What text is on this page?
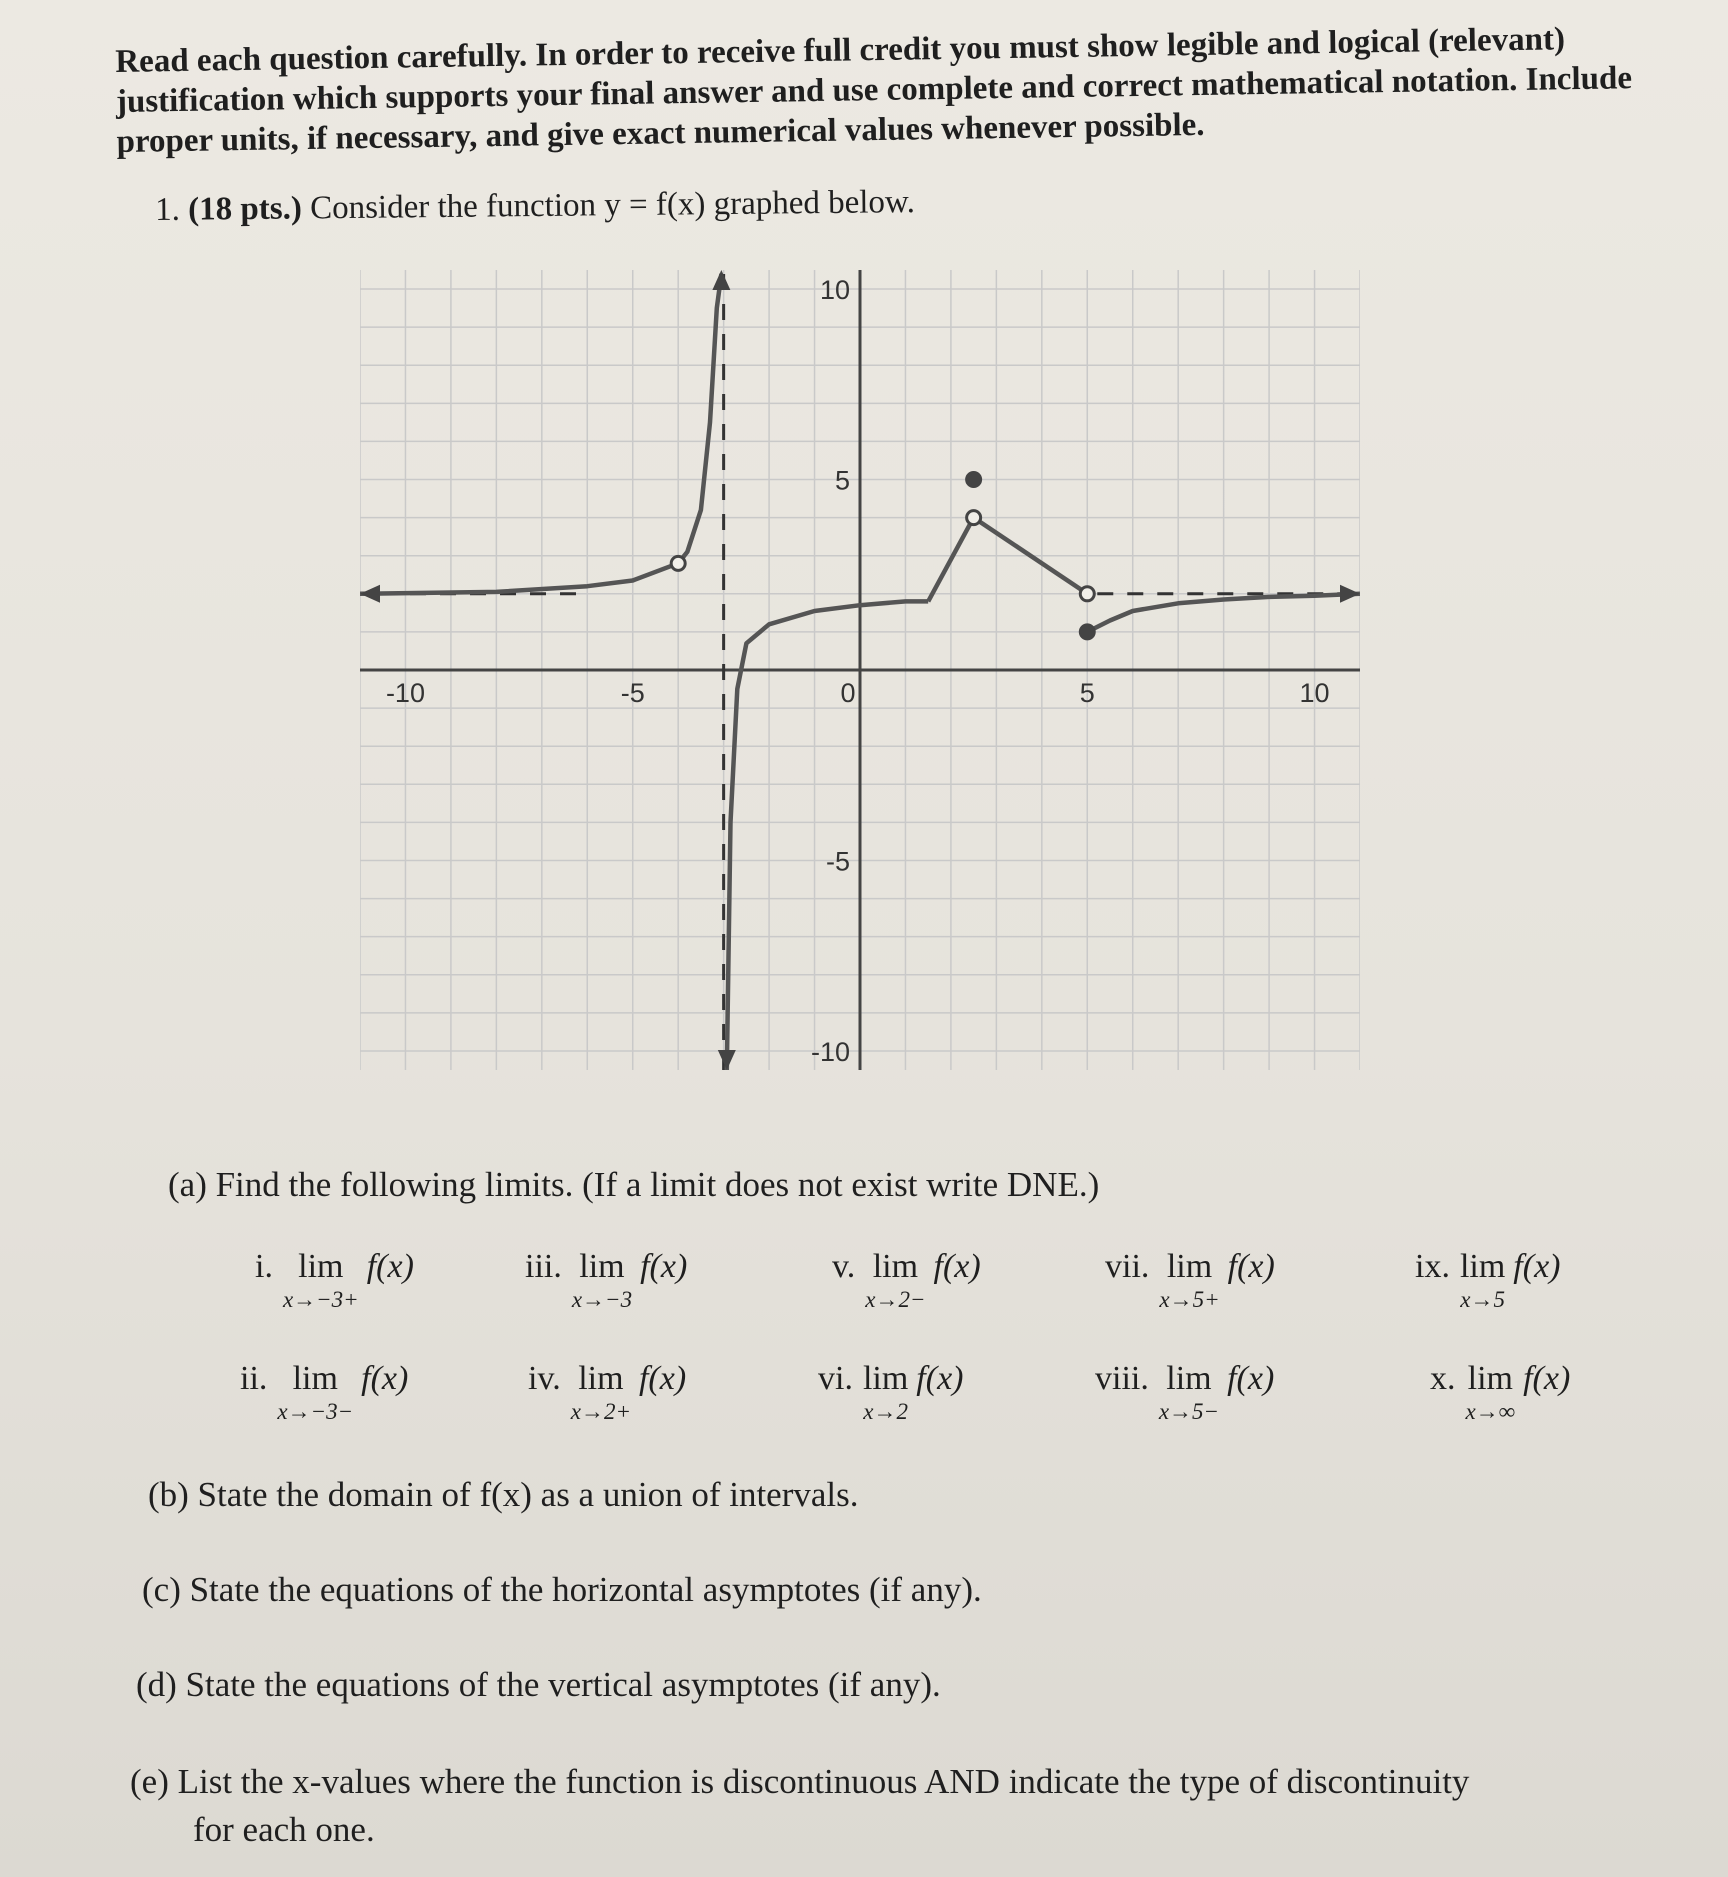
Read each question carefully. In order to receive full credit you must show legible and logical (relevant) justification which supports your final answer and use complete and correct mathematical notation. Include proper units, if necessary, and give exact numerical values whenever possible.
1. (18 pts.) Consider the function y = f(x) graphed below.
-10	-5	0	5	10
10
5
-5
-10
(a) Find the following limits. (If a limit does not exist write DNE.)
i. lim
x→−3+
f(x)	iii. lim
x→−3
f(x)	v. lim
x→2−
f(x)	vii. lim
x→5+
f(x)	ix. lim
x→5
f(x)
ii. lim
x→−3−
f(x)	iv. lim
x→2+
f(x)	vi. lim
x→2
f(x)	viii. lim
x→5−
f(x)	x. lim
x→∞
f(x)
(b) State the domain of f(x) as a union of intervals.
(c) State the equations of the horizontal asymptotes (if any).
(d) State the equations of the vertical asymptotes (if any).
(e) List the x-values where the function is discontinuous AND indicate the type of discontinuity
for each one.
